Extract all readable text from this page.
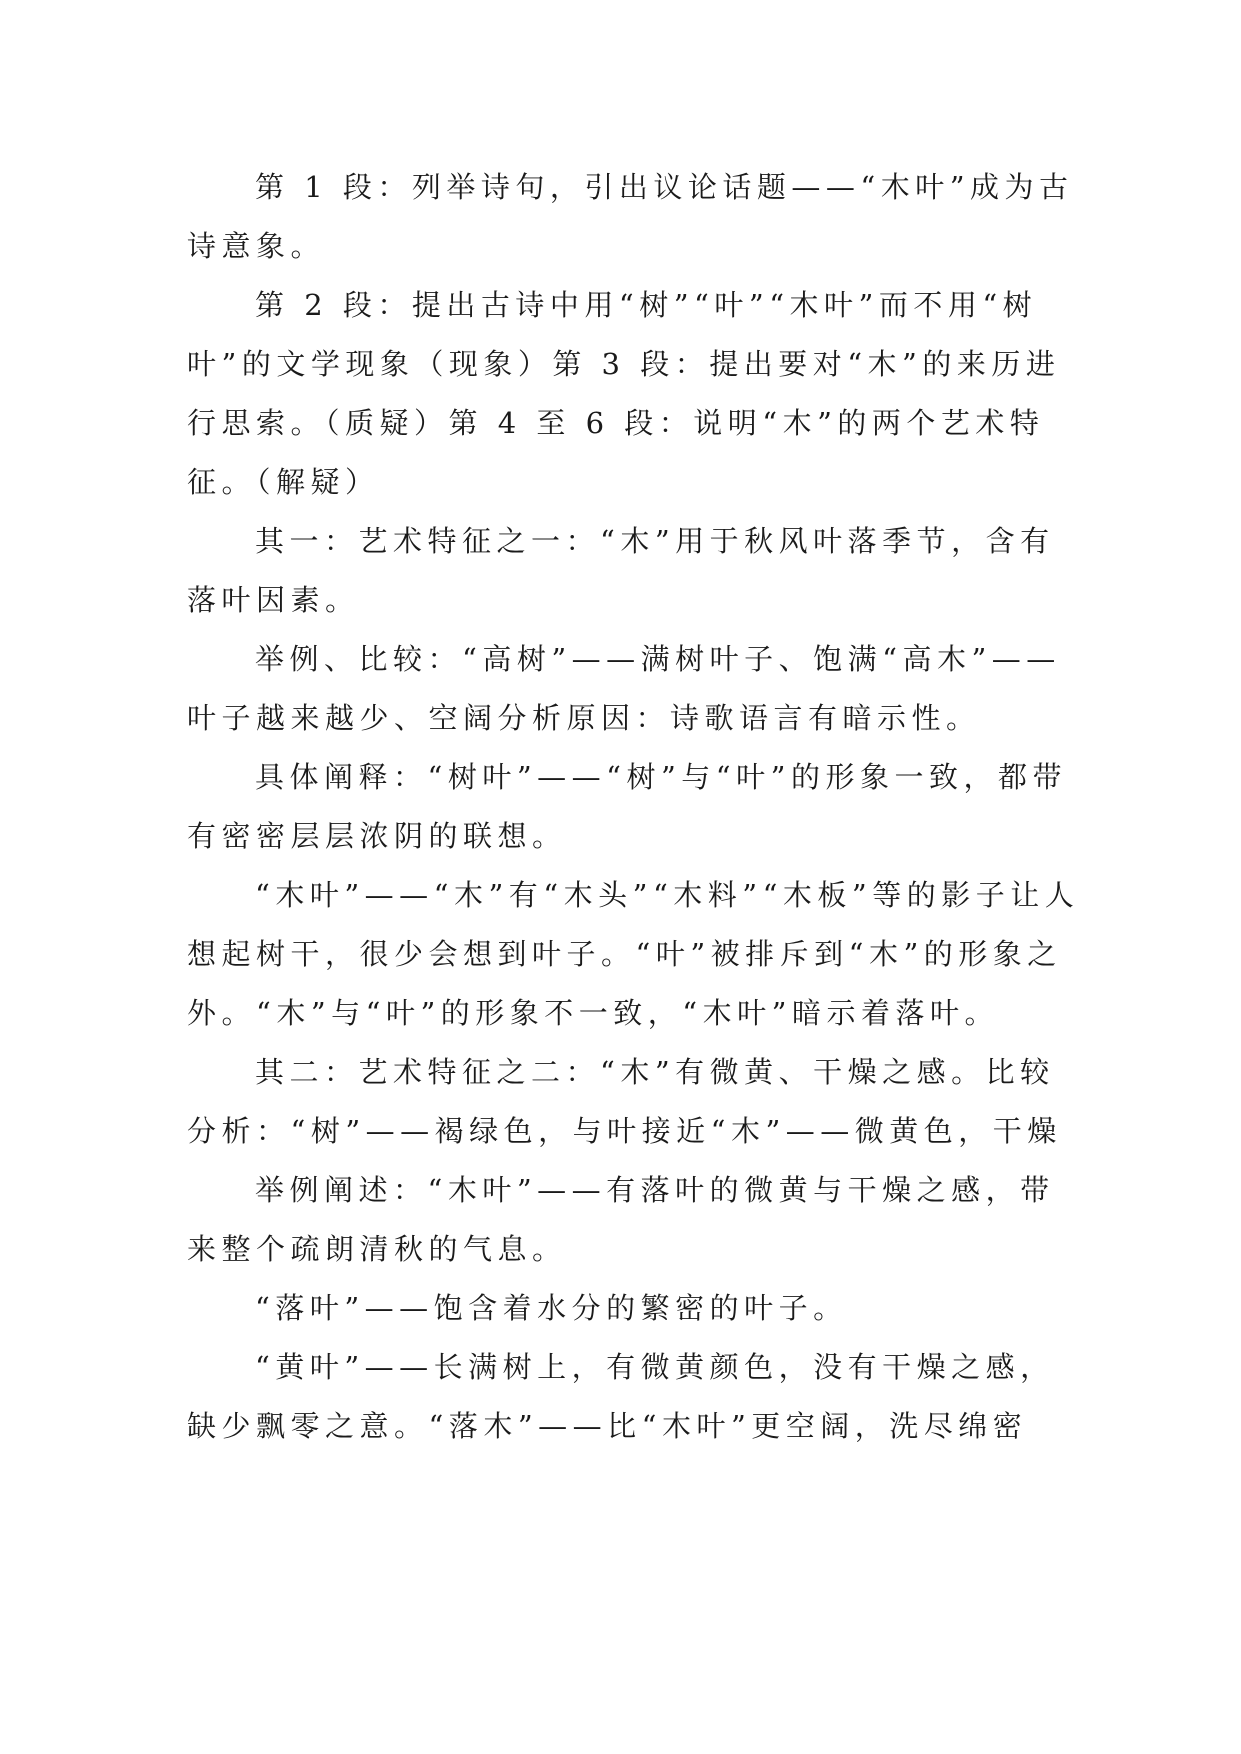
第 1 段：列举诗句，引出议论话题——“木叶”成为古诗意象。

第 2 段：提出古诗中用“树”“叶”“木叶”而不用“树叶”的文学现象（现象）第 3 段：提出要对“木”的来历进行思索。（质疑）第 4 至 6 段：说明“木”的两个艺术特征。（解疑）

其一：艺术特征之一：“木”用于秋风叶落季节，含有落叶因素。

举例、比较：“高树”——满树叶子、饱满“高木”——叶子越来越少、空阔分析原因：诗歌语言有暗示性。

具体阐释：“树叶”——“树”与“叶”的形象一致，都带有密密层层浓阴的联想。

“木叶”——“木”有“木头”“木料”“木板”等的影子让人想起树干，很少会想到叶子。“叶”被排斥到“木”的形象之外。“木”与“叶”的形象不一致，“木叶”暗示着落叶。

其二：艺术特征之二：“木”有微黄、干燥之感。比较分析：“树”——褐绿色，与叶接近“木”——微黄色，干燥

举例阐述：“木叶”——有落叶的微黄与干燥之感，带来整个疏朗清秋的气息。

“落叶”——饱含着水分的繁密的叶子。

“黄叶”——长满树上，有微黄颜色，没有干燥之感，缺少飘零之意。“落木”——比“木叶”更空阔，洗尽绵密
